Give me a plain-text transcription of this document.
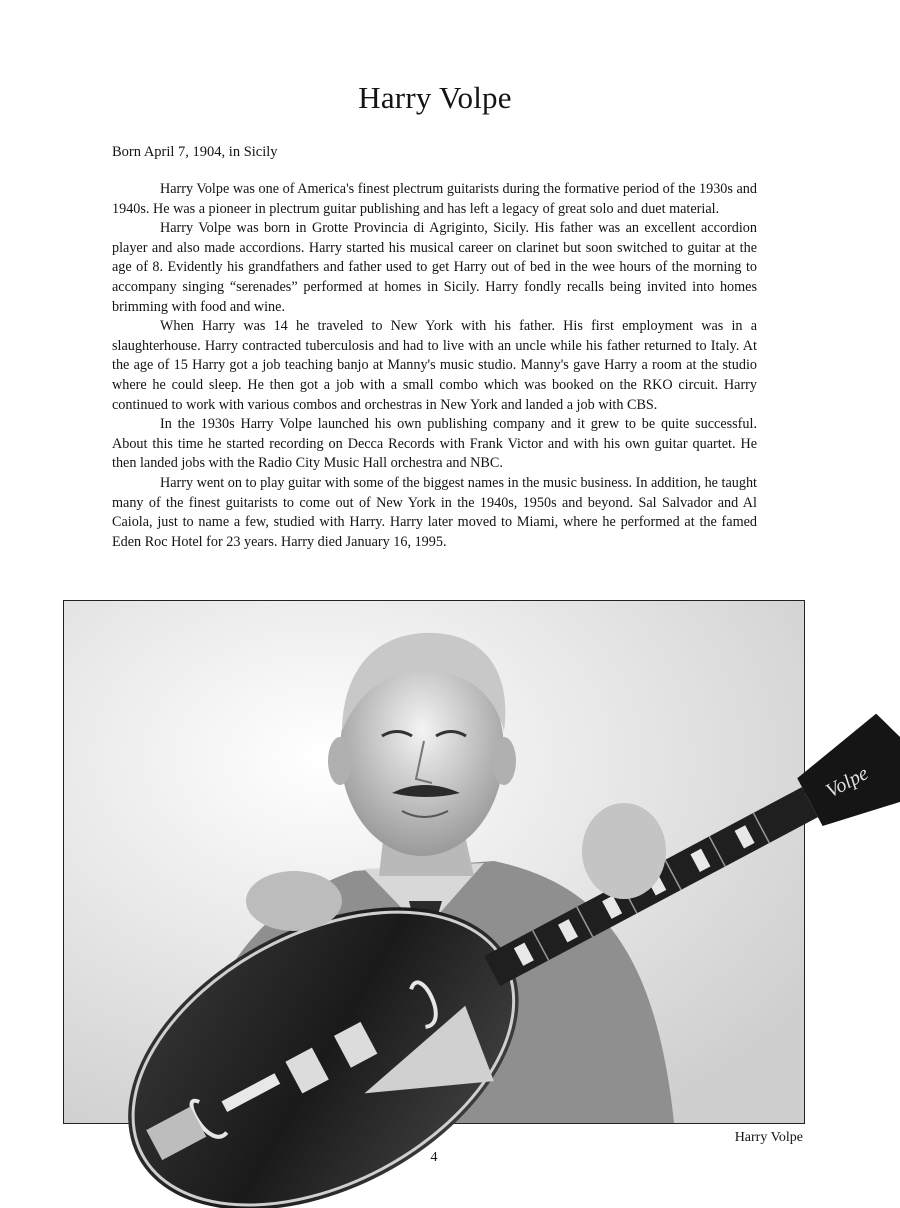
Harry Volpe

Born April 7, 1904, in Sicily

Harry Volpe was one of America's finest plectrum guitarists during the formative period of the 1930s and 1940s. He was a pioneer in plectrum guitar publishing and has left a legacy of great solo and duet material.

Harry Volpe was born in Grotte Provincia di Agriginto, Sicily. His father was an excellent accordion player and also made accordions. Harry started his musical career on clarinet but soon switched to guitar at the age of 8. Evidently his grandfathers and father used to get Harry out of bed in the wee hours of the morning to accompany singing “serenades” performed at homes in Sicily. Harry fondly recalls being invited into homes brimming with food and wine.

When Harry was 14 he traveled to New York with his father. His first employment was in a slaughterhouse. Harry contracted tuberculosis and had to live with an uncle while his father returned to Italy. At the age of 15 Harry got a job teaching banjo at Manny's music studio. Manny's gave Harry a room at the studio where he could sleep. He then got a job with a small combo which was booked on the RKO circuit. Harry continued to work with various combos and orchestras in New York and landed a job with CBS.

In the 1930s Harry Volpe launched his own publishing company and it grew to be quite successful. About this time he started recording on Decca Records with Frank Victor and with his own guitar quartet. He then landed jobs with the Radio City Music Hall orchestra and NBC.

Harry went on to play guitar with some of the biggest names in the music business. In addition, he taught many of the finest guitarists to come out of New York in the 1940s, 1950s and beyond. Sal Salvador and Al Caiola, just to name a few, studied with Harry. Harry later moved to Miami, where he performed at the famed Eden Roc Hotel for 23 years. Harry died January 16, 1995.

Volpe

Harry Volpe

4
